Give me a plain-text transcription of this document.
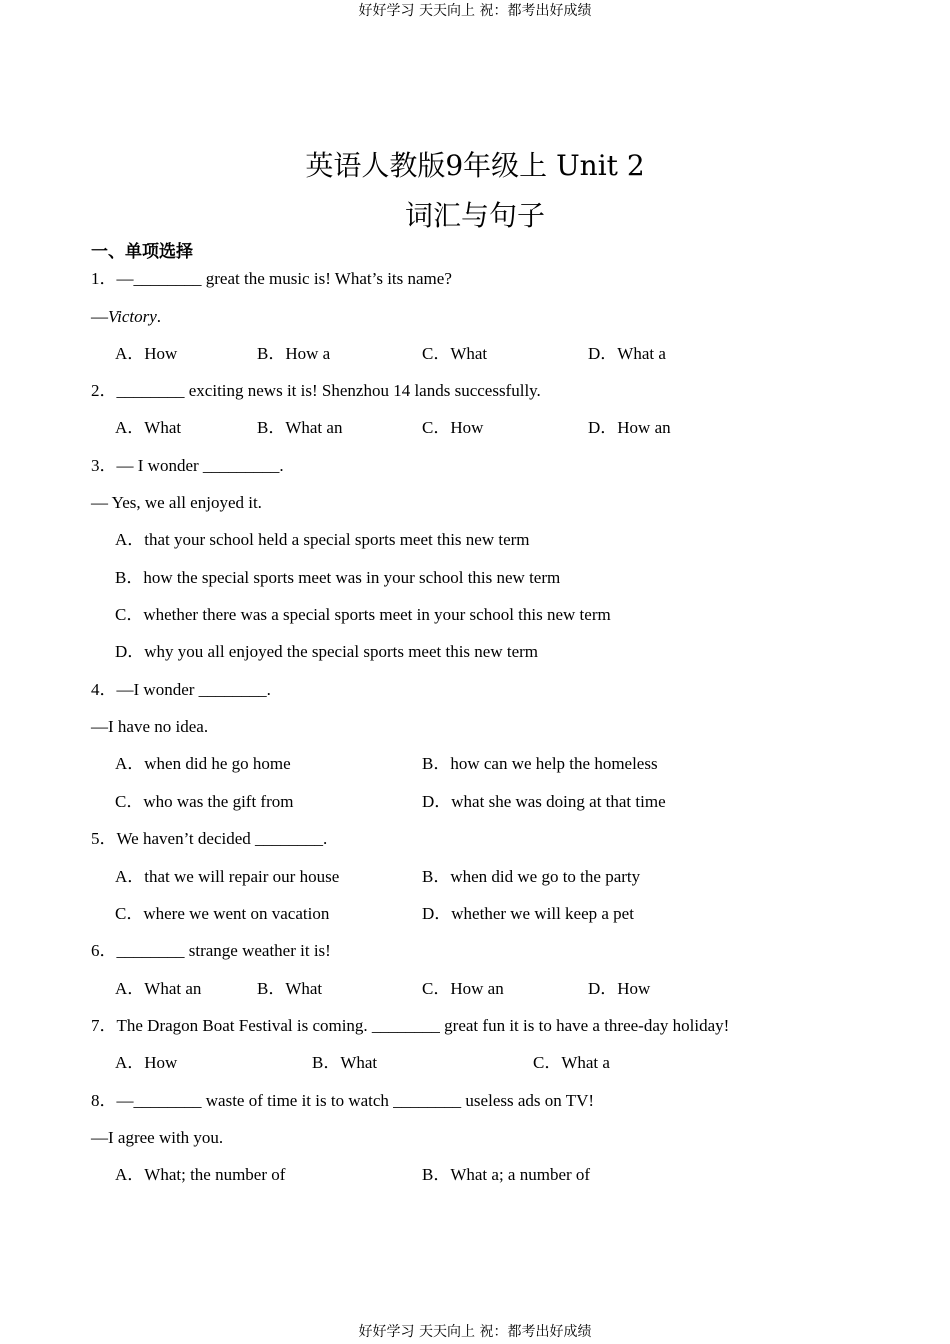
好好学习 天天向上 祝：都考出好成绩
英语人教版9年级上 Unit 2
词汇与句子
一、单项选择
1．—________ great the music is! What’s its name?
—Victory.
A．How	B．How a	C．What	D．What a
2．________ exciting news it is! Shenzhou 14 lands successfully.
A．What	B．What an	C．How	D．How an
3．— I wonder _________.
— Yes, we all enjoyed it.
A．that your school held a special sports meet this new term
B．how the special sports meet was in your school this new term
C．whether there was a special sports meet in your school this new term
D．why you all enjoyed the special sports meet this new term
4．—I wonder ________.
—I have no idea.
A．when did he go home	B．how can we help the homeless
C．who was the gift from	D．what she was doing at that time
5．We haven’t decided ________.
A．that we will repair our house	B．when did we go to the party
C．where we went on vacation	D．whether we will keep a pet
6．________ strange weather it is!
A．What an	B．What	C．How an	D．How
7．The Dragon Boat Festival is coming. ________ great fun it is to have a three-day holiday!
A．How	B．What	C．What a
8．—________ waste of time it is to watch ________ useless ads on TV!
—I agree with you.
A．What; the number of	B．What a; a number of
好好学习 天天向上 祝：都考出好成绩
